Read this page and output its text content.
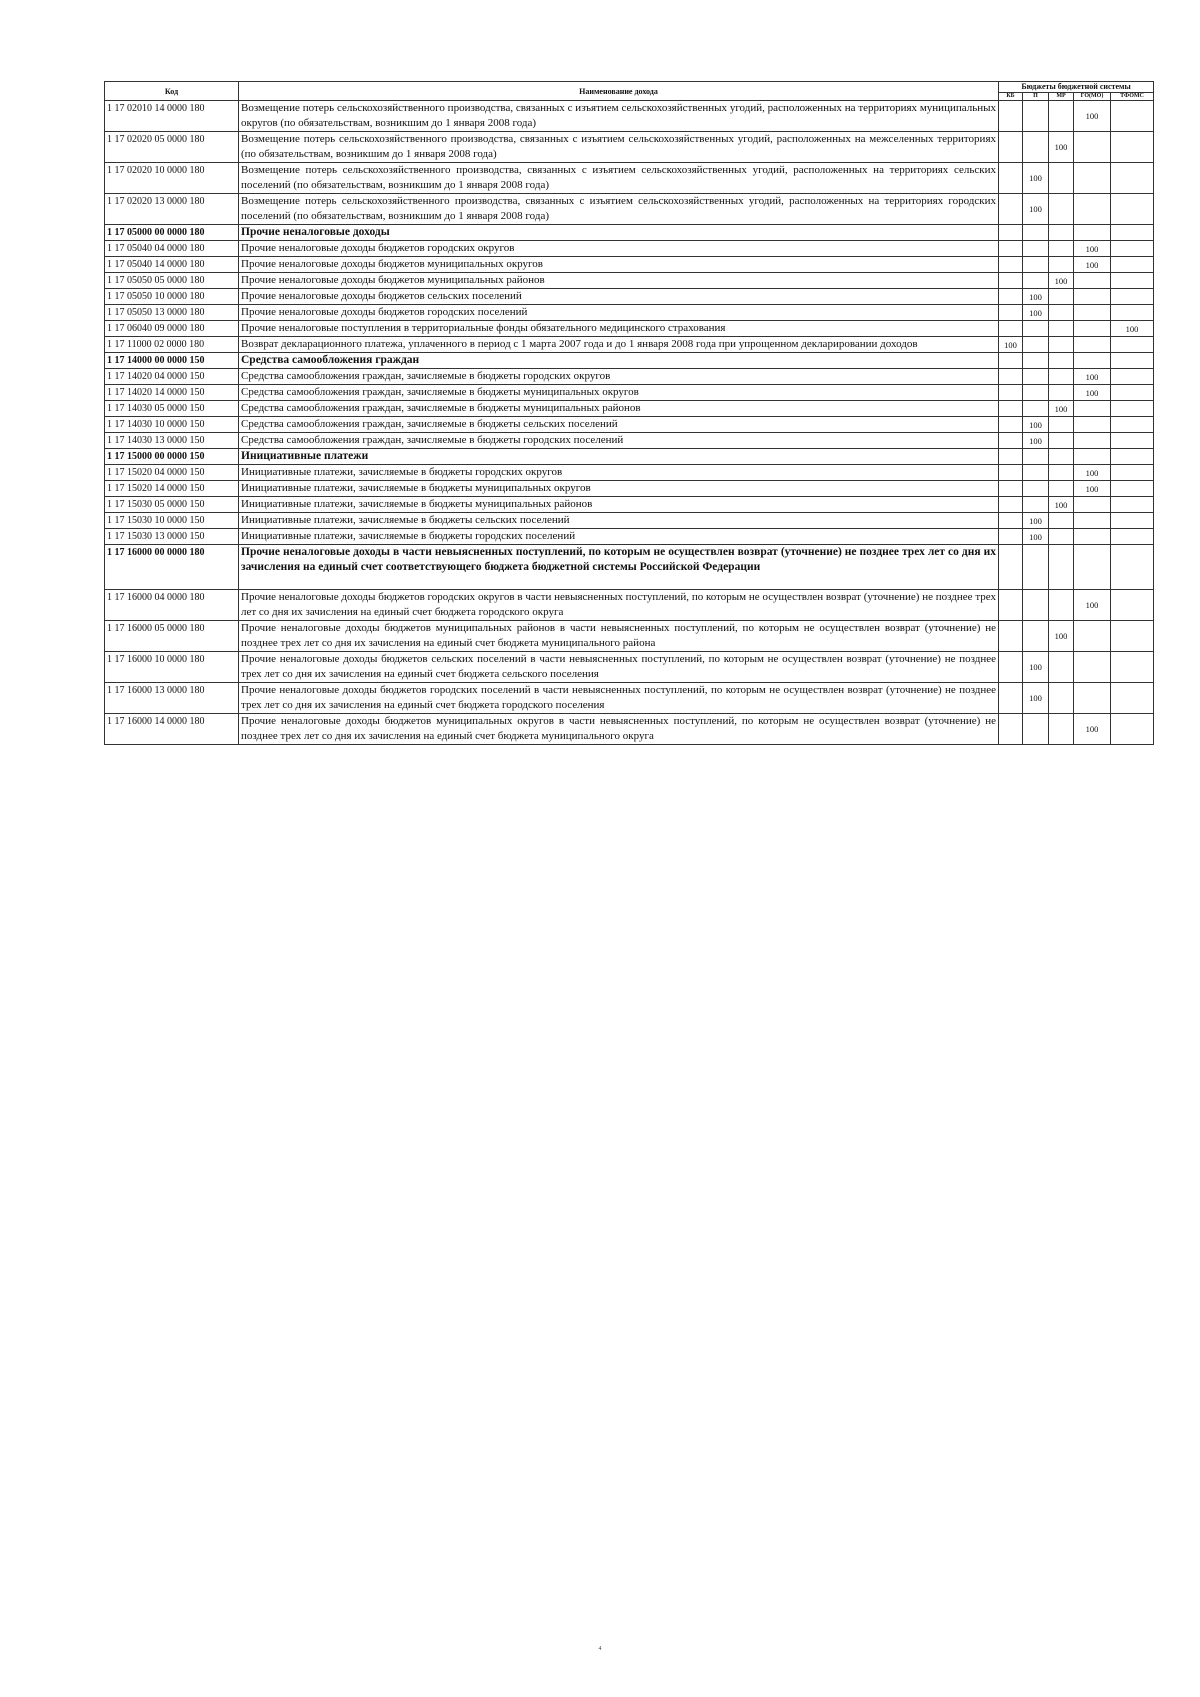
Код	Наименование дохода	Бюджеты бюджетной системы				
		КБ	П	МР	ГО(МО)	ТФОМС
1 17 02010 14 0000 180	Возмещение потерь сельскохозяйственного производства, связанных с изъятием сельскохозяйственных угодий, расположенных на территориях муниципальных округов (по обязательствам, возникшим до 1 января 2008 года)				100	
1 17 02020 05 0000 180	Возмещение потерь сельскохозяйственного производства, связанных с изъятием сельскохозяйственных угодий, расположенных на межселенных территориях (по обязательствам, возникшим до 1 января 2008 года)			100		
1 17 02020 10 0000 180	Возмещение потерь сельскохозяйственного производства, связанных с изъятием сельскохозяйственных угодий, расположенных на территориях сельских поселений (по обязательствам, возникшим до 1 января 2008 года)		100			
1 17 02020 13 0000 180	Возмещение потерь сельскохозяйственного производства, связанных с изъятием сельскохозяйственных угодий, расположенных на территориях городских поселений (по обязательствам, возникшим до 1 января 2008 года)		100			
1 17 05000 00 0000 180	Прочие неналоговые доходы					
1 17 05040 04 0000 180	Прочие неналоговые доходы бюджетов городских округов				100	
1 17 05040 14 0000 180	Прочие неналоговые доходы бюджетов муниципальных округов				100	
1 17 05050 05 0000 180	Прочие неналоговые доходы бюджетов муниципальных районов			100		
1 17 05050 10 0000 180	Прочие неналоговые доходы бюджетов сельских поселений		100			
1 17 05050 13 0000 180	Прочие неналоговые доходы бюджетов городских поселений		100			
1 17 06040 09 0000 180	Прочие неналоговые поступления в территориальные фонды обязательного медицинского страхования					100
1 17 11000 02 0000 180	Возврат декларационного платежа, уплаченного в период с 1 марта 2007 года и до 1 января 2008 года при упрощенном декларировании доходов	100				
1 17 14000 00 0000 150	Средства самообложения граждан					
1 17 14020 04 0000 150	Средства самообложения граждан, зачисляемые в бюджеты городских округов				100	
1 17 14020 14 0000 150	Средства самообложения граждан, зачисляемые в бюджеты муниципальных округов				100	
1 17 14030 05 0000 150	Средства самообложения граждан, зачисляемые в бюджеты муниципальных районов			100		
1 17 14030 10 0000 150	Средства самообложения граждан, зачисляемые в бюджеты сельских поселений		100			
1 17 14030 13 0000 150	Средства самообложения граждан, зачисляемые в бюджеты городских поселений		100			
1 17 15000 00 0000 150	Инициативные платежи					
1 17 15020 04 0000 150	Инициативные платежи, зачисляемые в бюджеты городских округов				100	
1 17 15020 14 0000 150	Инициативные платежи, зачисляемые в бюджеты муниципальных округов				100	
1 17 15030 05 0000 150	Инициативные платежи, зачисляемые в бюджеты муниципальных районов			100		
1 17 15030 10 0000 150	Инициативные платежи, зачисляемые в бюджеты сельских поселений		100			
1 17 15030 13 0000 150	Инициативные платежи, зачисляемые в бюджеты городских поселений		100			
1 17 16000 00 0000 180	Прочие неналоговые доходы в части невыясненных поступлений, по которым не осуществлен возврат (уточнение) не позднее трех лет со дня их зачисления на единый счет соответствующего бюджета бюджетной системы Российской Федерации					
1 17 16000 04 0000 180	Прочие неналоговые доходы бюджетов городских округов в части невыясненных поступлений, по которым не осуществлен возврат (уточнение) не позднее трех лет со дня их зачисления на единый счет бюджета городского округа				100	
1 17 16000 05 0000 180	Прочие неналоговые доходы бюджетов муниципальных районов в части невыясненных поступлений, по которым не осуществлен возврат (уточнение) не позднее трех лет со дня их зачисления на единый счет бюджета муниципального района			100		
1 17 16000 10 0000 180	Прочие неналоговые доходы бюджетов сельских поселений в части невыясненных поступлений, по которым не осуществлен возврат (уточнение) не позднее трех лет со дня их зачисления на единый счет бюджета сельского поселения		100			
1 17 16000 13 0000 180	Прочие неналоговые доходы бюджетов городских поселений в части невыясненных поступлений, по которым не осуществлен возврат (уточнение) не позднее трех лет со дня их зачисления на единый счет бюджета городского поселения		100			
1 17 16000 14 0000 180	Прочие неналоговые доходы бюджетов муниципальных округов в части невыясненных поступлений, по которым не осуществлен возврат (уточнение) не позднее трех лет со дня их зачисления на единый счет бюджета муниципального округа				100	
4
